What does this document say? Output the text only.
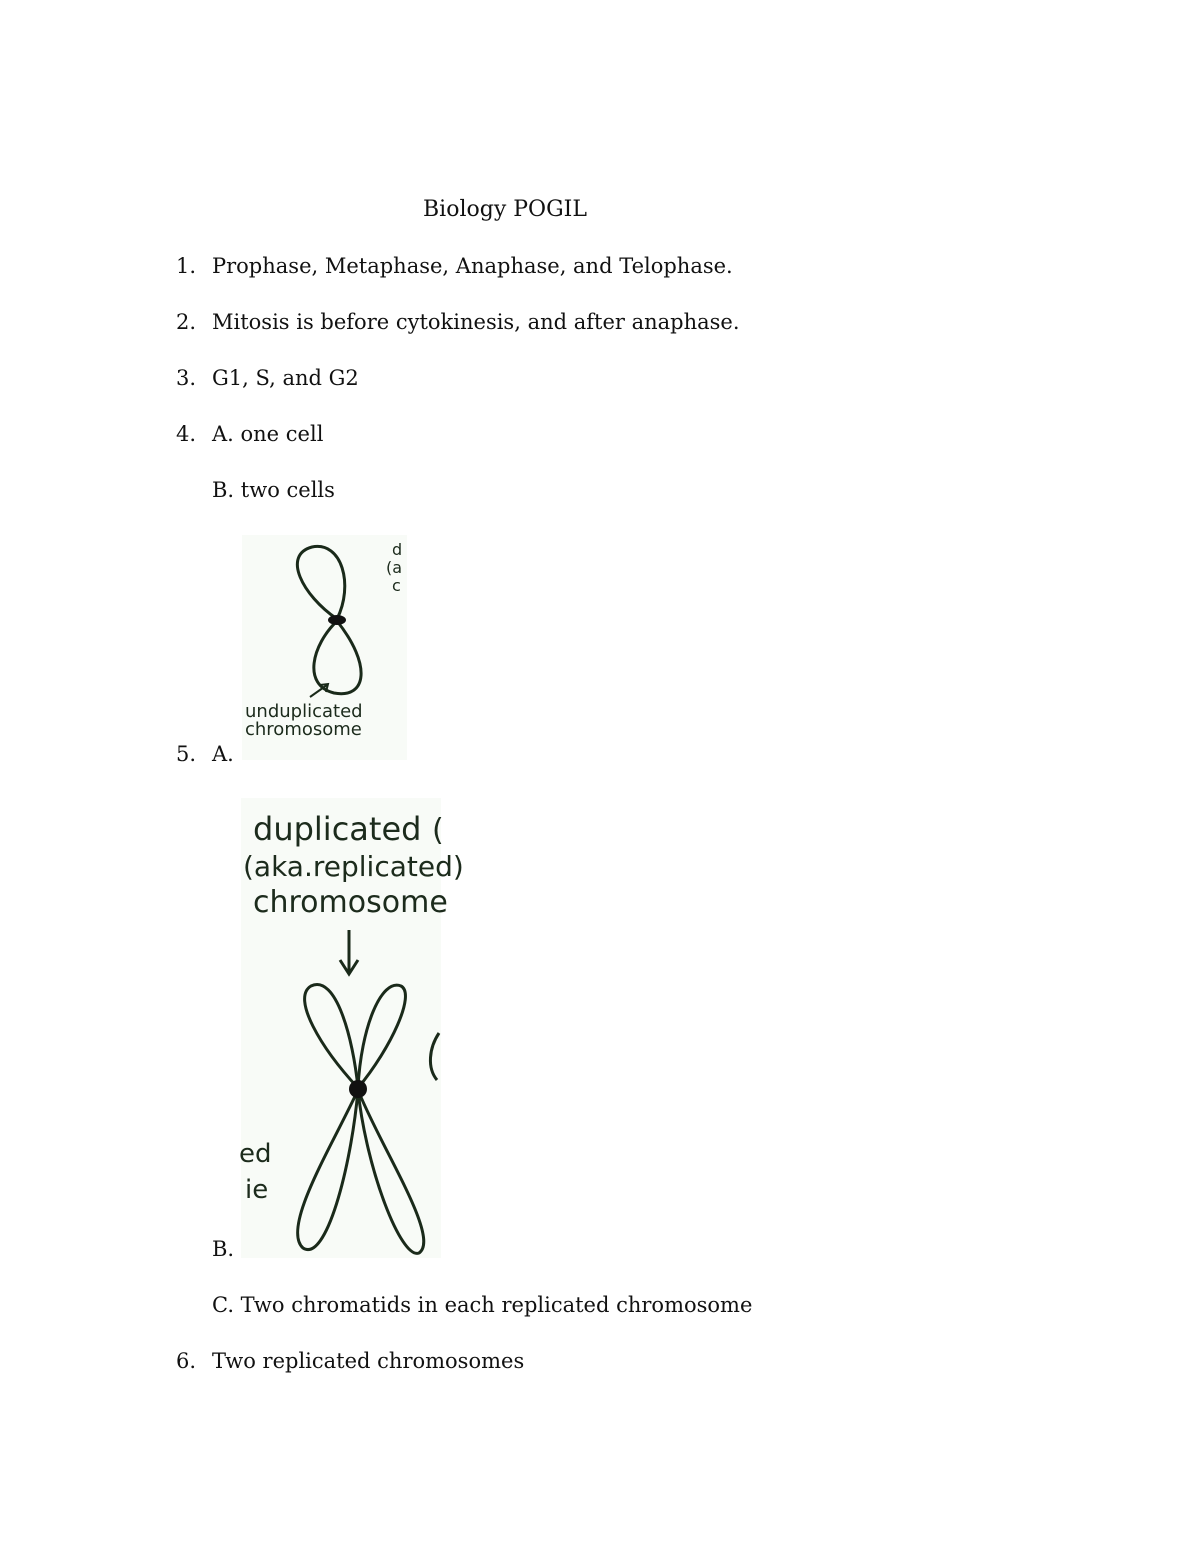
Biology POGIL
1. Prophase, Metaphase, Anaphase, and Telophase.
2. Mitosis is before cytokinesis, and after anaphase.
3. G1, S, and G2
4. A. one cell
B. two cells
d
(a
c
unduplicated
chromosome
5. A.
duplicated
(aka.replicated)
chromosome
ed
ie
(
B.
C. Two chromatids in each replicated chromosome
6. Two replicated chromosomes
